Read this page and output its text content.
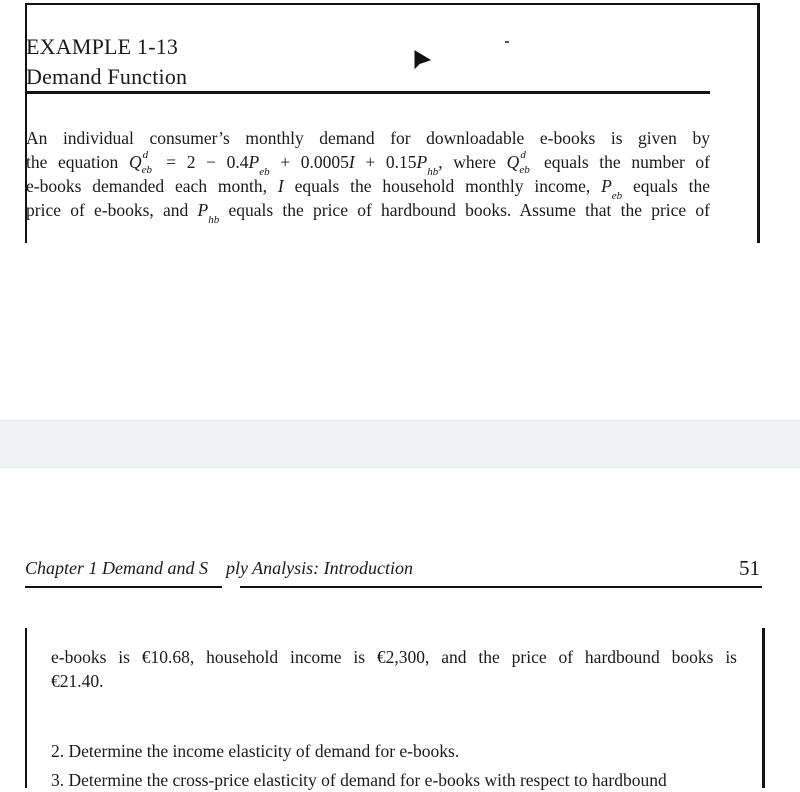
EXAMPLE 1-13
Demand Function
An individual consumer’s monthly demand for downloadable e-books is given by
the equation Q d
eb = $2 - 0.4P_{eb} + 0.0005I + 0.15P_{hb}$, where Q d
eb equals the number of
e-books demanded each month, I equals the household monthly income, $P_{eb}$ equals the
price of e-books, and $P_{hb}$ equals the price of hardbound books. Assume that the price of
Chapter 1 Demand and S ply Analysis: Introduction	51
e-books is €10.68, household income is €2,300, and the price of hardbound books is
€21.40.
2. Determine the income elasticity of demand for e-books.
3. Determine the cross-price elasticity of demand for e-books with respect to hardbound
